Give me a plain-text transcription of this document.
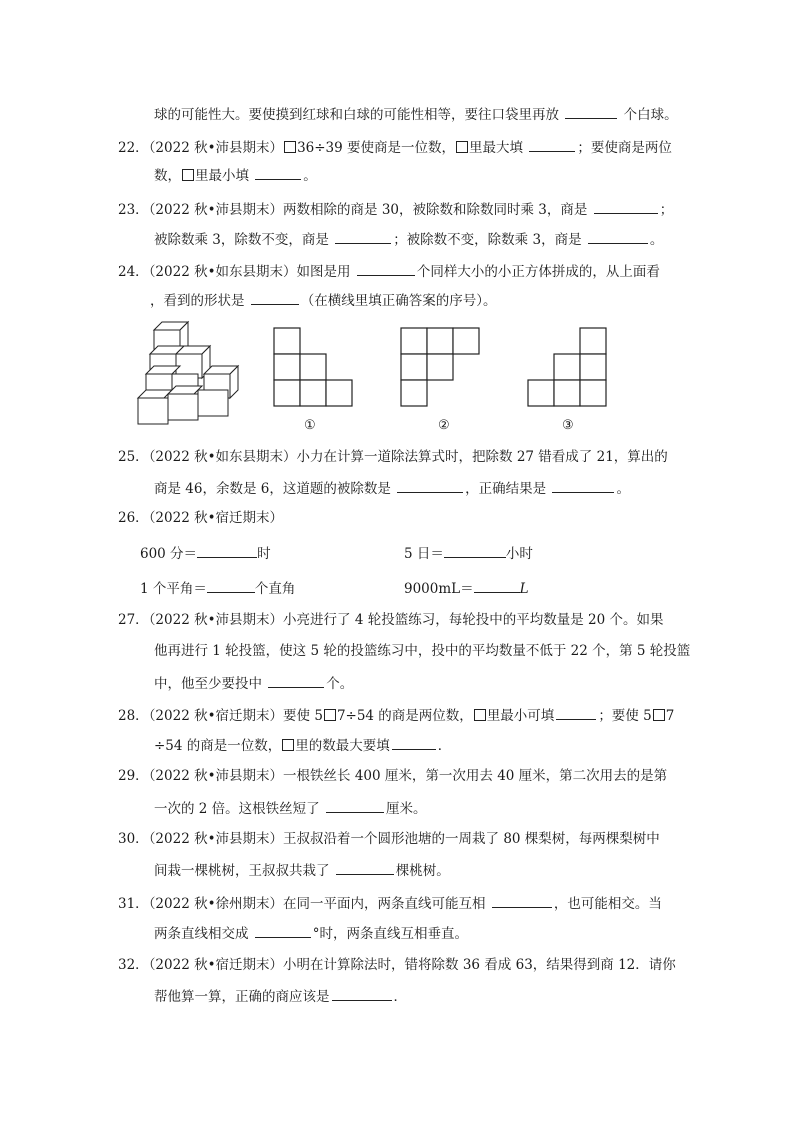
球的可能性大。要使摸到红球和白球的可能性相等，要往口袋里再放	个白球。
22．（2022 秋•沛县期末） 36÷39 要使商是一位数， 里最大填	；要使商是两位
数， 里最小填	。
23．（2022 秋•沛县期末）两数相除的商是 30，被除数和除数同时乘 3，商是	；
被除数乘 3，除数不变，商是	；被除数不变，除数乘 3，商是	。
24．（2022 秋•如东县期末）如图是用	个同样大小的小正方体拼成的，从上面看
，看到的形状是	（在横线里填正确答案的序号）。
①	②	③
25．（2022 秋•如东县期末）小力在计算一道除法算式时，把除数 27 错看成了 21，算出的
商是 46，余数是 6，这道题的被除数是	，正确结果是	。
26．（2022 秋•宿迁期末）
600 分＝	时	5 日＝	小时
1 个平角＝	个直角	9000mL＝	L
27．（2022 秋•沛县期末）小亮进行了 4 轮投篮练习，每轮投中的平均数量是 20 个。如果
他再进行 1 轮投篮，使这 5 轮的投篮练习中，投中的平均数量不低于 22 个，第 5 轮投篮
中，他至少要投中	个。
28．（2022 秋•宿迁期末）要使 5 7÷54 的商是两位数， 里最小可填	；要使 5 7
÷54 的商是一位数， 里的数最大要填	．
29．（2022 秋•沛县期末）一根铁丝长 400 厘米，第一次用去 40 厘米，第二次用去的是第
一次的 2 倍。这根铁丝短了	厘米。
30．（2022 秋•沛县期末）王叔叔沿着一个圆形池塘的一周栽了 80 棵梨树，每两棵梨树中
间栽一棵桃树，王叔叔共栽了	棵桃树。
31．（2022 秋•徐州期末）在同一平面内，两条直线可能互相	，也可能相交。当
两条直线相交成	°时，两条直线互相垂直。
32．（2022 秋•宿迁期末）小明在计算除法时，错将除数 36 看成 63，结果得到商 12．请你
帮他算一算，正确的商应该是	．
